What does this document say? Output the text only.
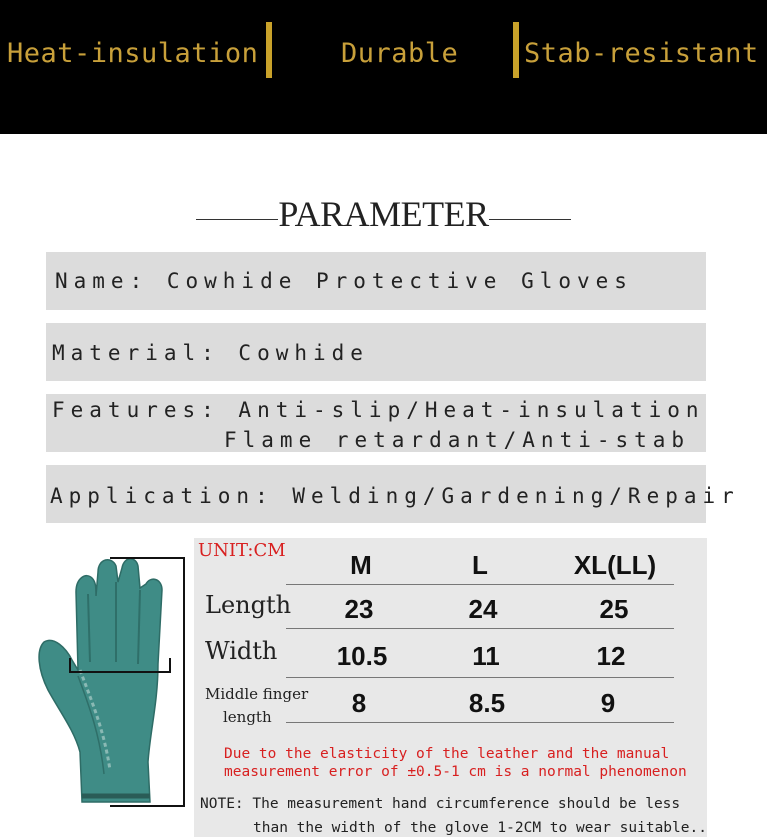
Heat-insulation	Durable Stab-resistant
PARAMETER
Name: Cowhide Protective Gloves
Material: Cowhide
Features: Anti-slip/Heat-insulation
Flame retardant/Anti-stab
Application: Welding/Gardening/Repair
UNIT:CM	M	L	XL(LL)
Length	23	24	25
Width	10.5	11	12
Middle finger
length	8	8.5	9
Due to the elasticity of the leather and the manual
measurement error of ±0.5-1 cm is a normal phenomenon
NOTE: The measurement hand circumference should be less
than the width of the glove 1-2CM to wear suitable..
